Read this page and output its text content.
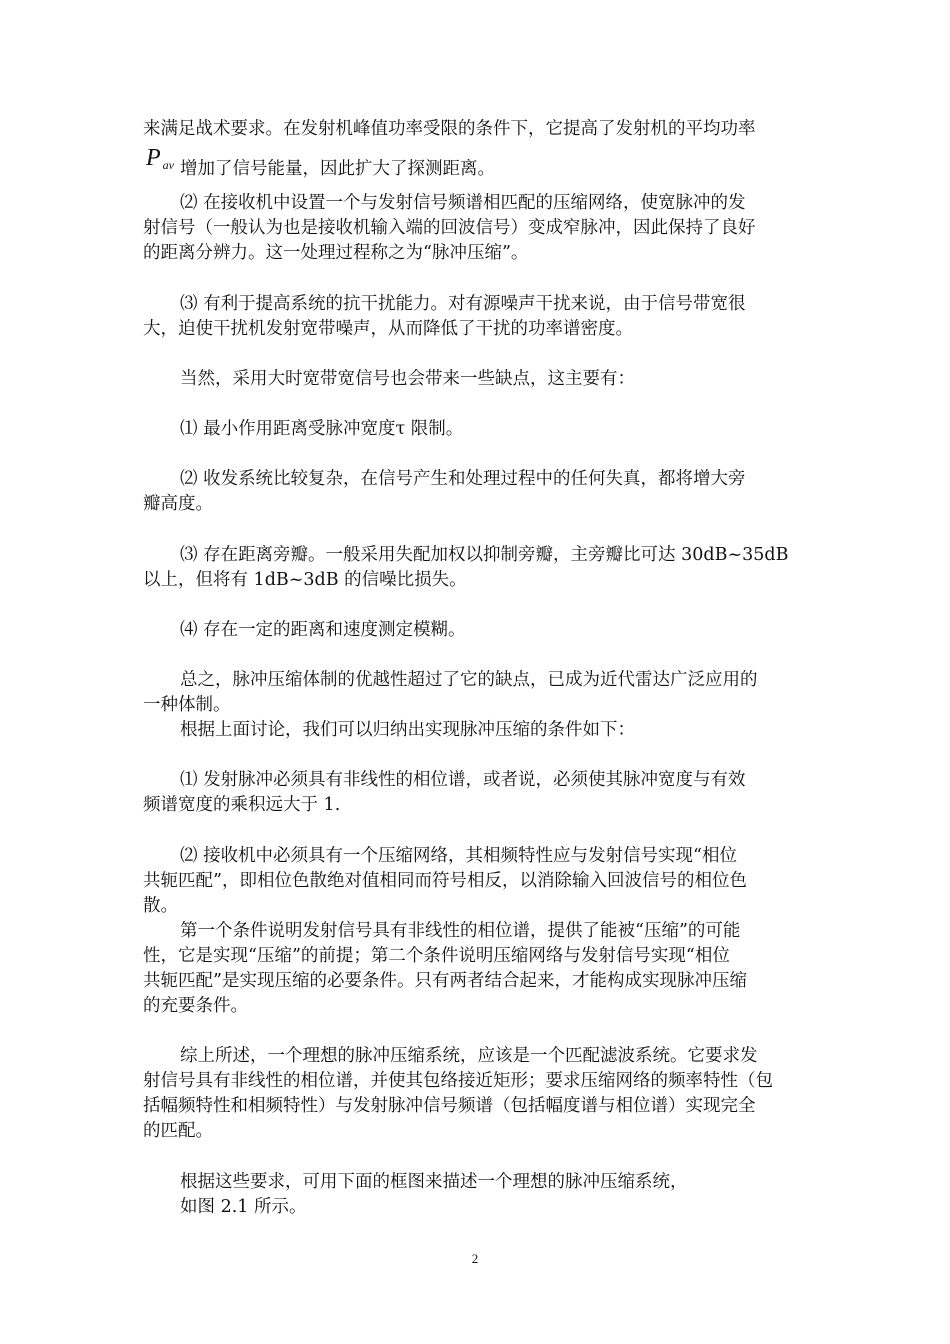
来满足战术要求。在发射机峰值功率受限的条件下，它提高了发射机的平均功率
P $_{av}$ 增加了信号能量，因此扩大了探测距离。
⑵ 在接收机中设置一个与发射信号频谱相匹配的压缩网络，使宽脉冲的发
射信号（一般认为也是接收机输入端的回波信号）变成窄脉冲，因此保持了良好
的距离分辨力。这一处理过程称之为“脉冲压缩”。
⑶ 有利于提高系统的抗干扰能力。对有源噪声干扰来说，由于信号带宽很
大，迫使干扰机发射宽带噪声，从而降低了干扰的功率谱密度。
当然，采用大时宽带宽信号也会带来一些缺点，这主要有：
⑴ 最小作用距离受脉冲宽度τ 限制。
⑵ 收发系统比较复杂，在信号产生和处理过程中的任何失真，都将增大旁
瓣高度。
⑶ 存在距离旁瓣。一般采用失配加权以抑制旁瓣，主旁瓣比可达 30dB~35dB
以上，但将有 1dB~3dB 的信噪比损失。
⑷ 存在一定的距离和速度测定模糊。
总之，脉冲压缩体制的优越性超过了它的缺点，已成为近代雷达广泛应用的
一种体制。
根据上面讨论，我们可以归纳出实现脉冲压缩的条件如下：
⑴ 发射脉冲必须具有非线性的相位谱，或者说，必须使其脉冲宽度与有效
频谱宽度的乘积远大于 1.
⑵ 接收机中必须具有一个压缩网络，其相频特性应与发射信号实现“相位
共轭匹配”，即相位色散绝对值相同而符号相反，以消除输入回波信号的相位色
散。
第一个条件说明发射信号具有非线性的相位谱，提供了能被“压缩”的可能
性，它是实现“压缩”的前提；第二个条件说明压缩网络与发射信号实现“相位
共轭匹配”是实现压缩的必要条件。只有两者结合起来，才能构成实现脉冲压缩
的充要条件。
综上所述，一个理想的脉冲压缩系统，应该是一个匹配滤波系统。它要求发
射信号具有非线性的相位谱，并使其包络接近矩形；要求压缩网络的频率特性（包
括幅频特性和相频特性）与发射脉冲信号频谱（包括幅度谱与相位谱）实现完全
的匹配。
根据这些要求，可用下面的框图来描述一个理想的脉冲压缩系统，
如图 2.1 所示。
2
